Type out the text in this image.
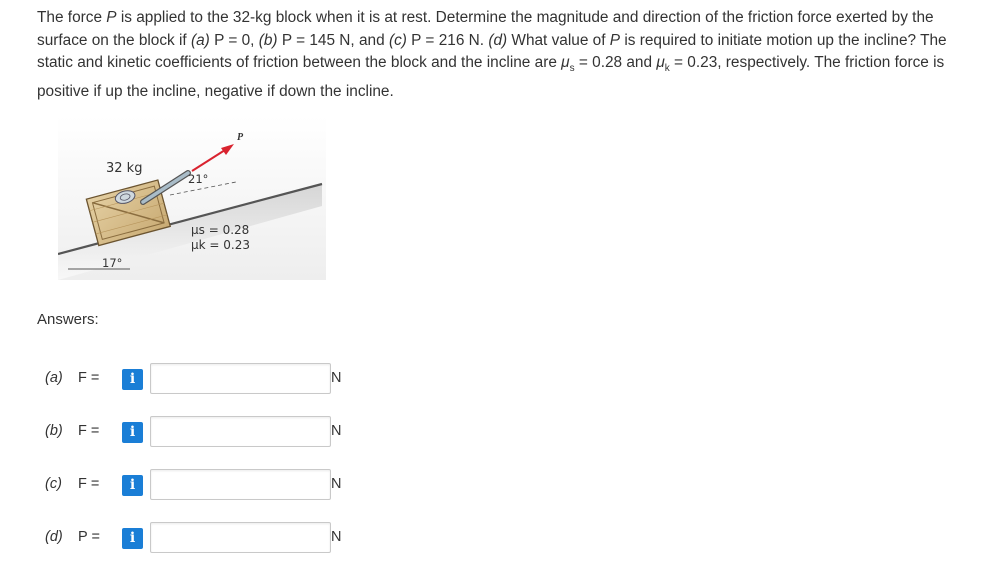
The force P is applied to the 32-kg block when it is at rest. Determine the magnitude and direction of the friction force exerted by the surface on the block if (a) P = 0, (b) P = 145 N, and (c) P = 216 N. (d) What value of P is required to initiate motion up the incline? The static and kinetic coefficients of friction between the block and the incline are $\mu_s = 0.28$ and $\mu_k = 0.23$, respectively. The friction force is positive if up the incline, negative if down the incline.
P
32 kg
21°
17°
μs = 0.28
μk = 0.23
Answers:
(a) F =	i	N
(b) F =	i	N
(c) F =	i	N
(d) P =	i	N
